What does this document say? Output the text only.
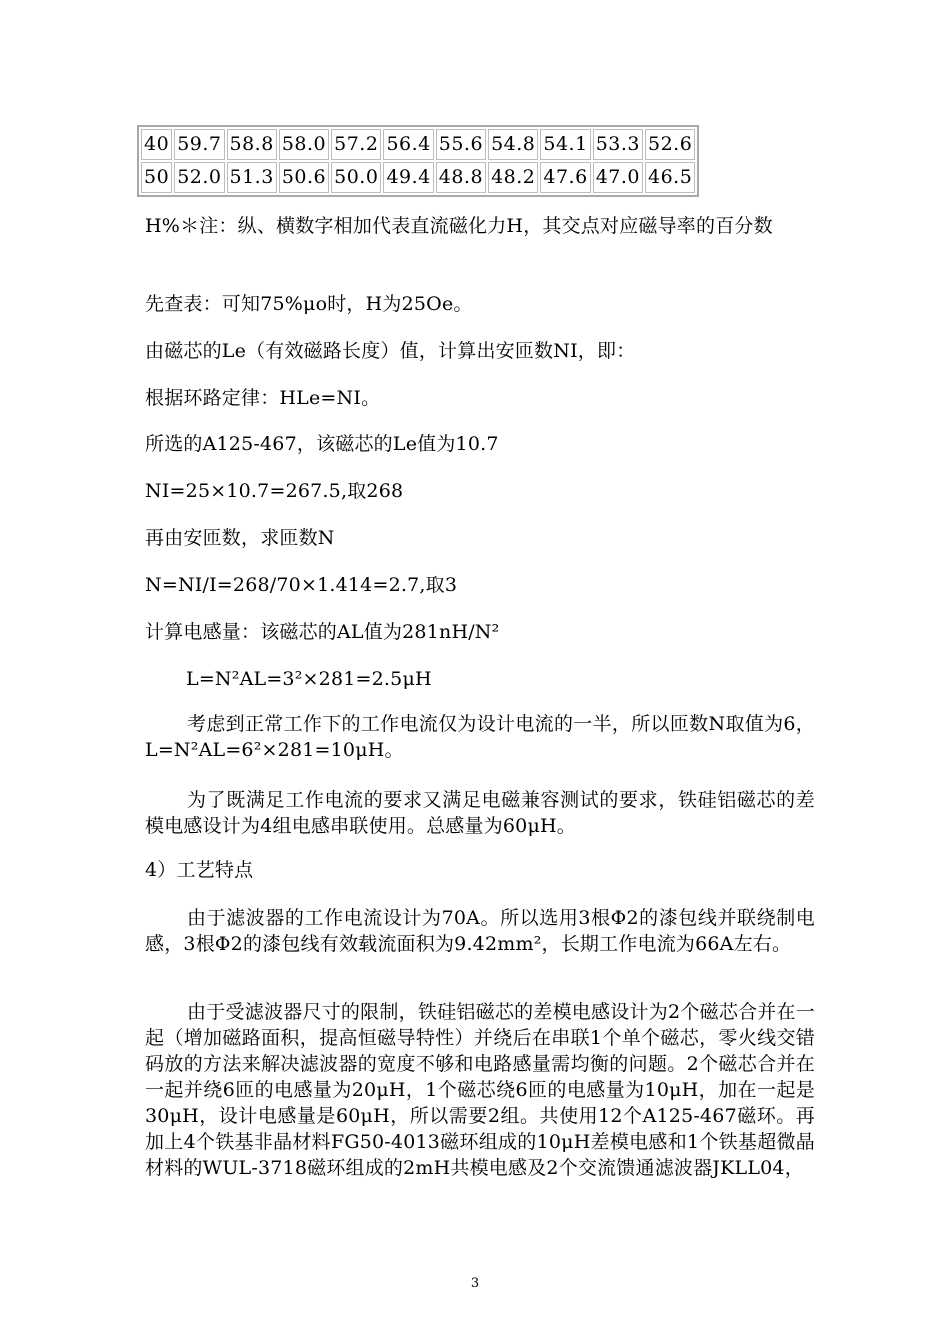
40	59.7	58.8	58.0	57.2	56.4	55.6	54.8	54.1	53.3	52.6
50	52.0	51.3	50.6	50.0	49.4	48.8	48.2	47.6	47.0	46.5

H%＊注：纵、横数字相加代表直流磁化力H，其交点对应磁导率的百分数

先查表：可知75%μo时，H为25Oe。

由磁芯的Le（有效磁路长度）值，计算出安匝数NI，即：

根据环路定律：HLe=NI。

所选的A125-467，该磁芯的Le值为10.7

NI=25×10.7=267.5,取268

再由安匝数，求匝数N

N=NI/I=268/70×1.414=2.7,取3

计算电感量：该磁芯的AL值为281nH/N²

L=N²AL=3²×281=2.5μH

考虑到正常工作下的工作电流仅为设计电流的一半，所以匝数N取值为6，L=N²AL=6²×281=10μH。

为了既满足工作电流的要求又满足电磁兼容测试的要求，铁硅铝磁芯的差模电感设计为4组电感串联使用。总感量为60μH。

4）工艺特点

由于滤波器的工作电流设计为70A。所以选用3根Φ2的漆包线并联绕制电感，3根Φ2的漆包线有效载流面积为9.42mm²，长期工作电流为66A左右。

由于受滤波器尺寸的限制，铁硅铝磁芯的差模电感设计为2个磁芯合并在一起（增加磁路面积，提高恒磁导特性）并绕后在串联1个单个磁芯，零火线交错码放的方法来解决滤波器的宽度不够和电路感量需均衡的问题。2个磁芯合并在一起并绕6匝的电感量为20μH，1个磁芯绕6匝的电感量为10μH，加在一起是30μH，设计电感量是60μH，所以需要2组。共使用12个A125-467磁环。再加上4个铁基非晶材料FG50-4013磁环组成的10μH差模电感和1个铁基超微晶材料的WUL-3718磁环组成的2mH共模电感及2个交流馈通滤波器JKLL04，

3
